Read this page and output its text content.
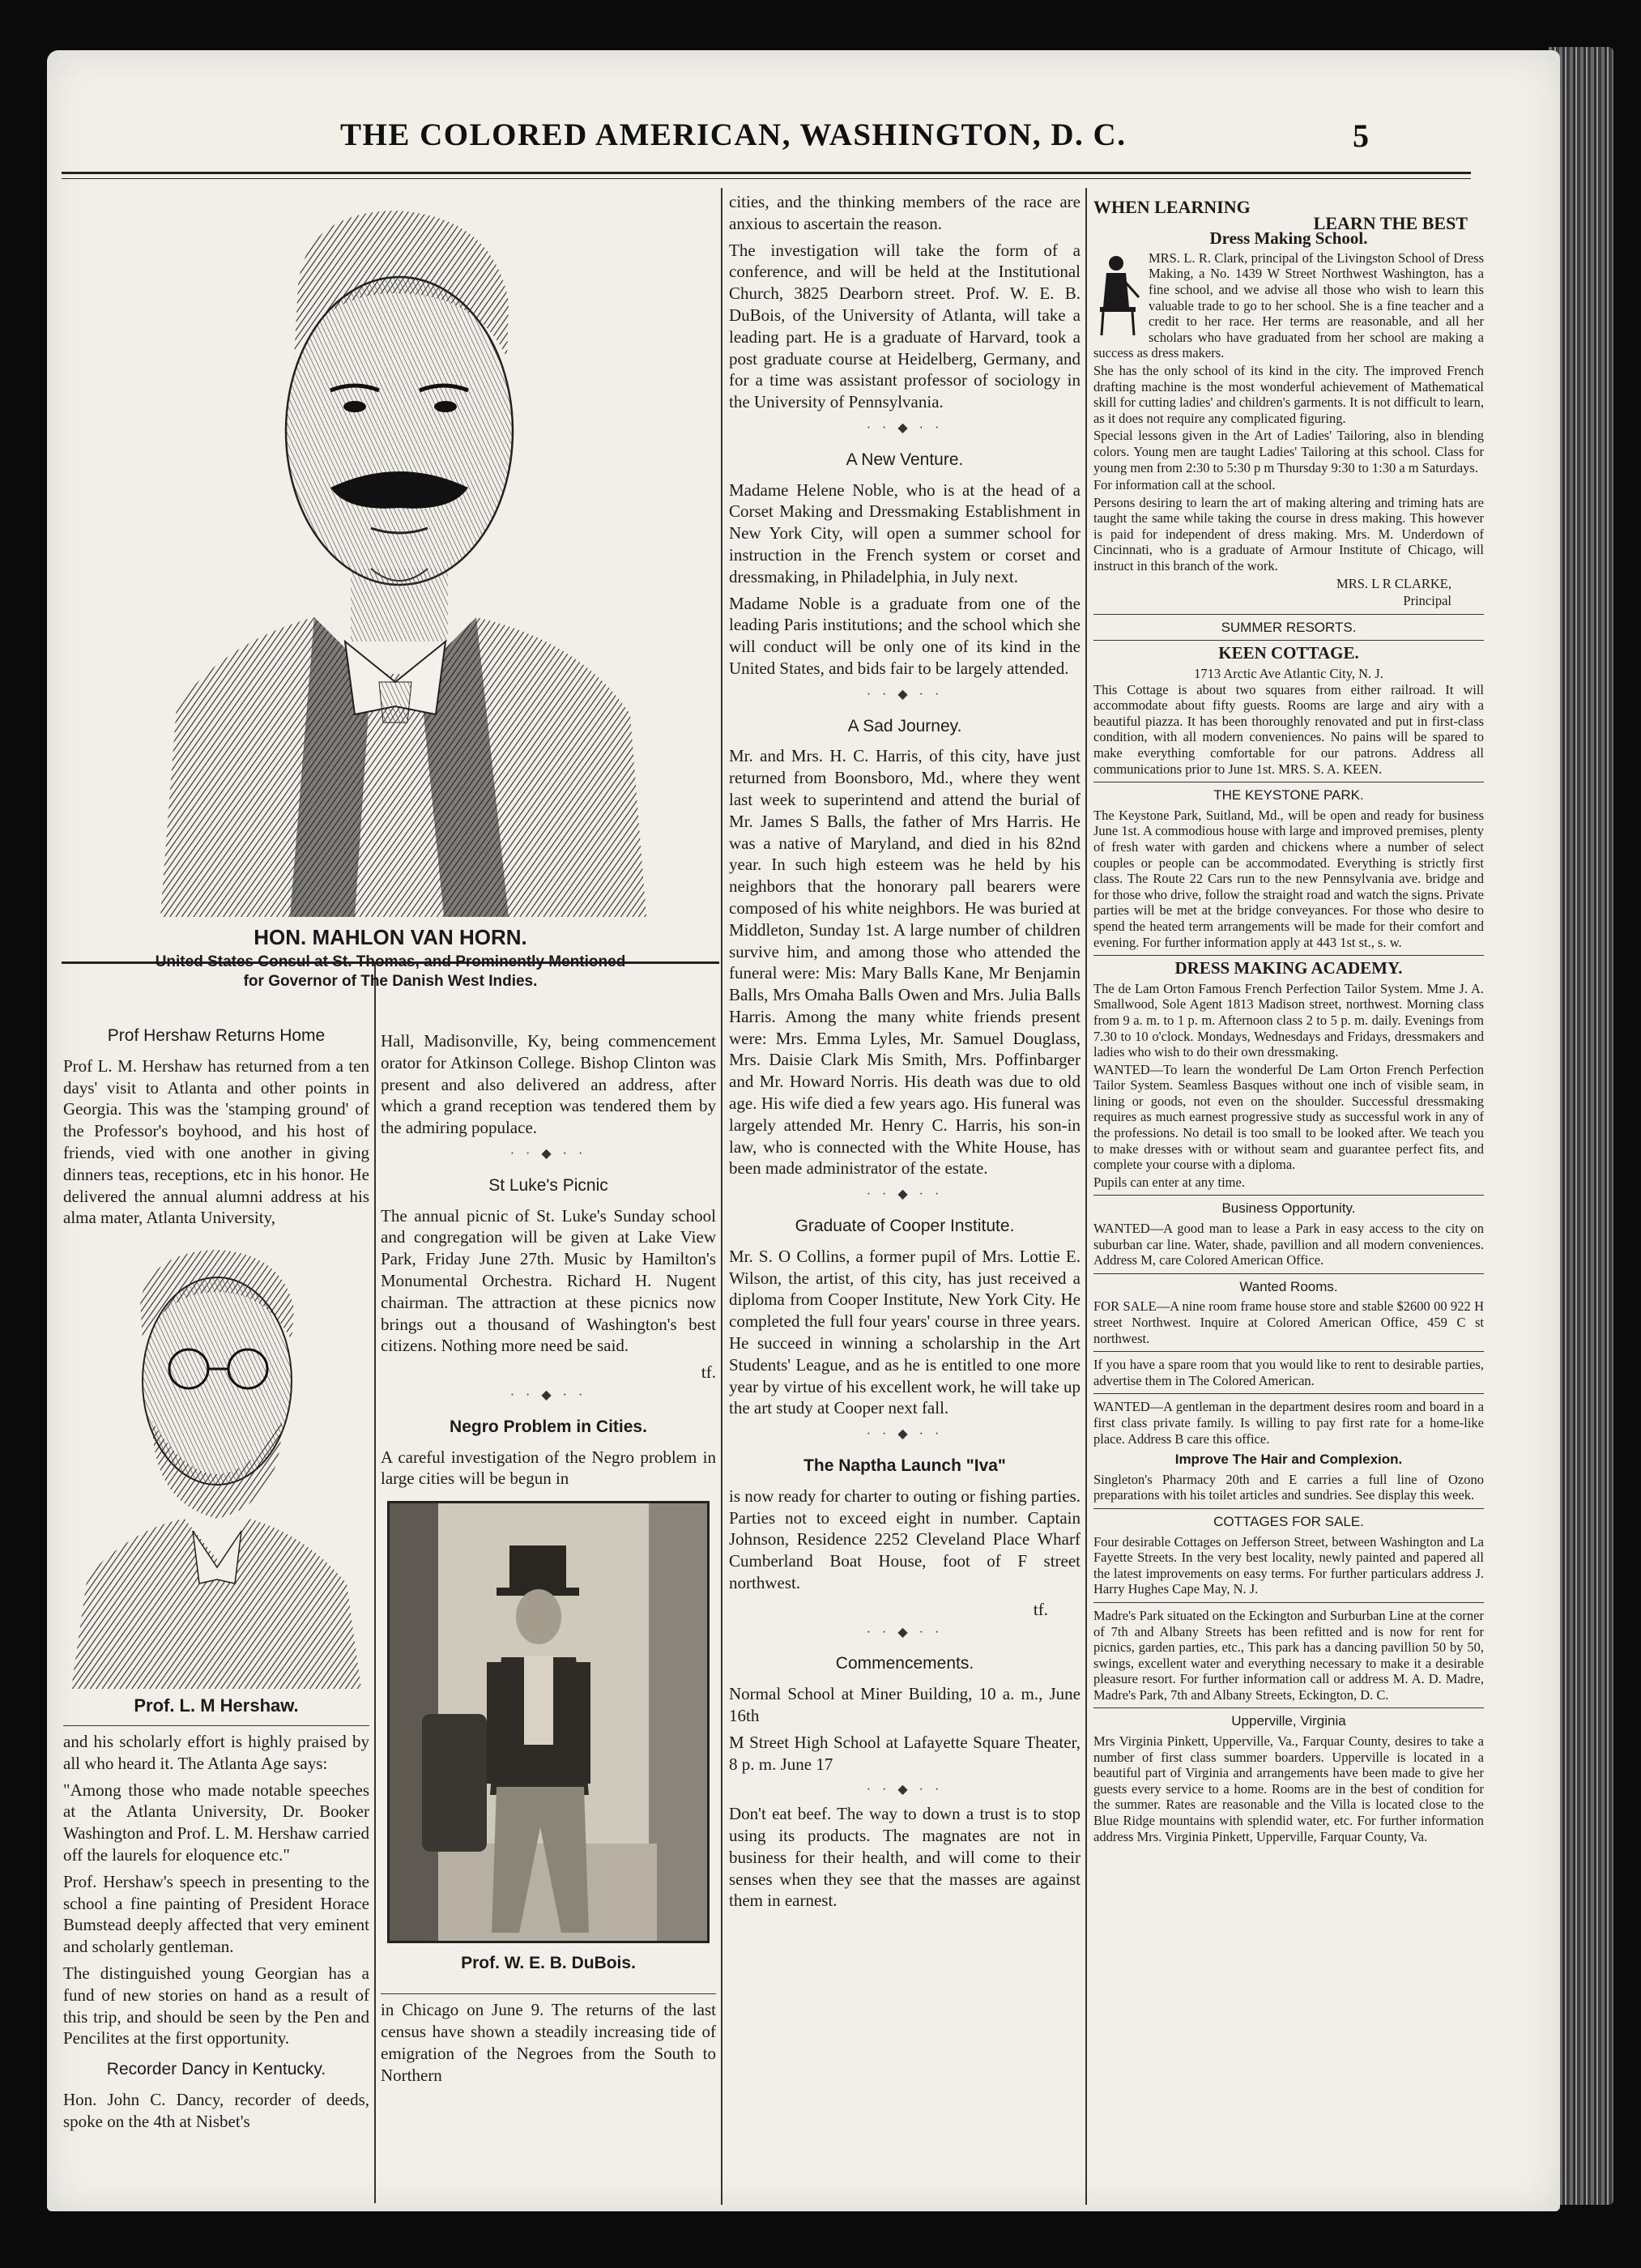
THE COLORED AMERICAN, WASHINGTON, D. C.	5
HON. MAHLON VAN HORN.
United States Consul at St. Thomas, and Prominently Mentioned
for Governor of The Danish West Indies.
Prof Hershaw Returns Home

Prof L. M. Hershaw has returned from a ten days' visit to Atlanta and other points in Georgia. This was the 'stamping ground' of the Professor's boyhood, and his host of friends, vied with one another in giving dinners teas, receptions, etc in his honor. He delivered the annual alumni address at his alma mater, Atlanta University,

Prof. L. M Hershaw.

and his scholarly effort is highly praised by all who heard it. The Atlanta Age says:

"Among those who made notable speeches at the Atlanta University, Dr. Booker Washington and Prof. L. M. Hershaw carried off the laurels for eloquence etc."

Prof. Hershaw's speech in presenting to the school a fine painting of President Horace Bumstead deeply affected that very eminent and scholarly gentleman.

The distinguished young Georgian has a fund of new stories on hand as a result of this trip, and should be seen by the Pen and Pencilites at the first opportunity.

Recorder Dancy in Kentucky.

Hon. John C. Dancy, recorder of deeds, spoke on the 4th at Nisbet's

Hall, Madisonville, Ky, being commencement orator for Atkinson College. Bishop Clinton was present and also delivered an address, after which a grand reception was tendered them by the admiring populace.

· · ◆ · ·
St Luke's Picnic

The annual picnic of St. Luke's Sunday school and congregation will be given at Lake View Park, Friday June 27th. Music by Hamilton's Monumental Orchestra. Richard H. Nugent chairman. The attraction at these picnics now brings out a thousand of Washington's best citizens. Nothing more need be said.

tf.

· · ◆ · ·
Negro Problem in Cities.

A careful investigation of the Negro problem in large cities will be begun in

Prof. W. E. B. DuBois.

in Chicago on June 9. The returns of the last census have shown a steadily increasing tide of emigration of the Negroes from the South to Northern

cities, and the thinking members of the race are anxious to ascertain the reason.

The investigation will take the form of a conference, and will be held at the Institutional Church, 3825 Dearborn street. Prof. W. E. B. DuBois, of the University of Atlanta, will take a leading part. He is a graduate of Harvard, took a post graduate course at Heidelberg, Germany, and for a time was assistant professor of sociology in the University of Pennsylvania.

· · ◆ · ·
A New Venture.

Madame Helene Noble, who is at the head of a Corset Making and Dressmaking Establishment in New York City, will open a summer school for instruction in the French system or corset and dressmaking, in Philadelphia, in July next.

Madame Noble is a graduate from one of the leading Paris institutions; and the school which she will conduct will be only one of its kind in the United States, and bids fair to be largely attended.

· · ◆ · ·
A Sad Journey.

Mr. and Mrs. H. C. Harris, of this city, have just returned from Boonsboro, Md., where they went last week to superintend and attend the burial of Mr. James S Balls, the father of Mrs Harris. He was a native of Maryland, and died in his 82nd year. In such high esteem was he held by his neighbors that the honorary pall bearers were composed of his white neighbors. He was buried at Middleton, Sunday 1st. A large number of children survive him, and among those who attended the funeral were: Mis: Mary Balls Kane, Mr Benjamin Balls, Mrs Omaha Balls Owen and Mrs. Julia Balls Harris. Among the many white friends present were: Mrs. Emma Lyles, Mr. Samuel Douglass, Mrs. Daisie Clark Mis Smith, Mrs. Poffinbarger and Mr. Howard Norris. His death was due to old age. His wife died a few years ago. His funeral was largely attended Mr. Henry C. Harris, his son-in law, who is connected with the White House, has been made administrator of the estate.

· · ◆ · ·
Graduate of Cooper Institute.

Mr. S. O Collins, a former pupil of Mrs. Lottie E. Wilson, the artist, of this city, has just received a diploma from Cooper Institute, New York City. He completed the full four years' course in three years. He succeed in winning a scholarship in the Art Students' League, and as he is entitled to one more year by virtue of his excellent work, he will take up the art study at Cooper next fall.

· · ◆ · ·
The Naptha Launch "Iva"

is now ready for charter to outing or fishing parties. Parties not to exceed eight in number. Captain Johnson, Residence 2252 Cleveland Place Wharf Cumberland Boat House, foot of F street northwest.

tf.

· · ◆ · ·
Commencements.

Normal School at Miner Building, 10 a. m., June 16th

M Street High School at Lafayette Square Theater, 8 p. m. June 17

· · ◆ · ·

Don't eat beef. The way to down a trust is to stop using its products. The magnates are not in business for their health, and will come to their senses when they see that the masses are against them in earnest.

WHEN LEARNING
LEARN THE BEST
Dress Making School.

MRS. L. R. Clark, principal of the Livingston School of Dress Making, a No. 1439 W Street Northwest Washington, has a fine school, and we advise all those who wish to learn this valuable trade to go to her school. She is a fine teacher and a credit to her race. Her terms are reasonable, and all her scholars who have graduated from her school are making a success as dress makers.

She has the only school of its kind in the city. The improved French drafting machine is the most wonderful achievement of Mathematical skill for cutting ladies' and children's garments. It is not difficult to learn, as it does not require any complicated figuring.

Special lessons given in the Art of Ladies' Tailoring, also in blending colors. Young men are taught Ladies' Tailoring at this school. Class for young men from 2:30 to 5:30 p m Thursday 9:30 to 1:30 a m Saturdays.

For information call at the school.

Persons desiring to learn the art of making altering and triming hats are taught the same while taking the course in dress making. This however is paid for independent of dress making. Mrs. M. Underdown of Cincinnati, who is a graduate of Armour Institute of Chicago, will instruct in this branch of the work.

MRS. L R CLARKE,

Principal

SUMMER RESORTS.
KEEN COTTAGE.
1713 Arctic Ave Atlantic City, N. J.

This Cottage is about two squares from either railroad. It will accommodate about fifty guests. Rooms are large and airy with a beautiful piazza. It has been thoroughly renovated and put in first-class condition, with all modern conveniences. No pains will be spared to make everything comfortable for our patrons. Address all communications prior to June 1st. MRS. S. A. KEEN.

THE KEYSTONE PARK.

The Keystone Park, Suitland, Md., will be open and ready for business June 1st. A commodious house with large and improved premises, plenty of fresh water with garden and chickens where a number of select couples or people can be accommodated. Everything is strictly first class. The Route 22 Cars run to the new Pennsylvania ave. bridge and for those who drive, follow the straight road and watch the signs. Private parties will be met at the bridge conveyances. For those who desire to spend the heated term arrangements will be made for their comfort and evening. For further information apply at 443 1st st., s. w.

DRESS MAKING ACADEMY.

The de Lam Orton Famous French Perfection Tailor System. Mme J. A. Smallwood, Sole Agent 1813 Madison street, northwest. Morning class from 9 a. m. to 1 p. m. Afternoon class 2 to 5 p. m. daily. Evenings from 7.30 to 10 o'clock. Mondays, Wednesdays and Fridays, dressmakers and ladies who wish to do their own dressmaking.

WANTED—To learn the wonderful De Lam Orton French Perfection Tailor System. Seamless Basques without one inch of visible seam, in lining or goods, not even on the shoulder. Successful dressmaking requires as much earnest progressive study as successful work in any of the professions. No detail is too small to be looked after. We teach you to make dresses with or without seam and guarantee perfect fits, and complete your course with a diploma.

Pupils can enter at any time.

Business Opportunity.

WANTED—A good man to lease a Park in easy access to the city on suburban car line. Water, shade, pavillion and all modern conveniences. Address M, care Colored American Office.

Wanted Rooms.

FOR SALE—A nine room frame house store and stable $2600 00 922 H street Northwest. Inquire at Colored American Office, 459 C st northwest.

If you have a spare room that you would like to rent to desirable parties, advertise them in The Colored American.

WANTED—A gentleman in the department desires room and board in a first class private family. Is willing to pay first rate for a home-like place. Address B care this office.

Improve The Hair and Complexion.

Singleton's Pharmacy 20th and E carries a full line of Ozono preparations with his toilet articles and sundries. See display this week.

COTTAGES FOR SALE.

Four desirable Cottages on Jefferson Street, between Washington and La Fayette Streets. In the very best locality, newly painted and papered all the latest improvements on easy terms. For further particulars address J. Harry Hughes Cape May, N. J.

Madre's Park situated on the Eckington and Surburban Line at the corner of 7th and Albany Streets has been refitted and is now for rent for picnics, garden parties, etc., This park has a dancing pavillion 50 by 50, swings, excellent water and everything necessary to make it a desirable pleasure resort. For further information call or address M. A. D. Madre, Madre's Park, 7th and Albany Streets, Eckington, D. C.

Upperville, Virginia

Mrs Virginia Pinkett, Upperville, Va., Farquar County, desires to take a number of first class summer boarders. Upperville is located in a beautiful part of Virginia and arrangements have been made to give her guests every service to a home. Rooms are in the best of condition for the summer. Rates are reasonable and the Villa is located close to the Blue Ridge mountains with splendid water, etc. For further information address Mrs. Virginia Pinkett, Upperville, Farquar County, Va.
